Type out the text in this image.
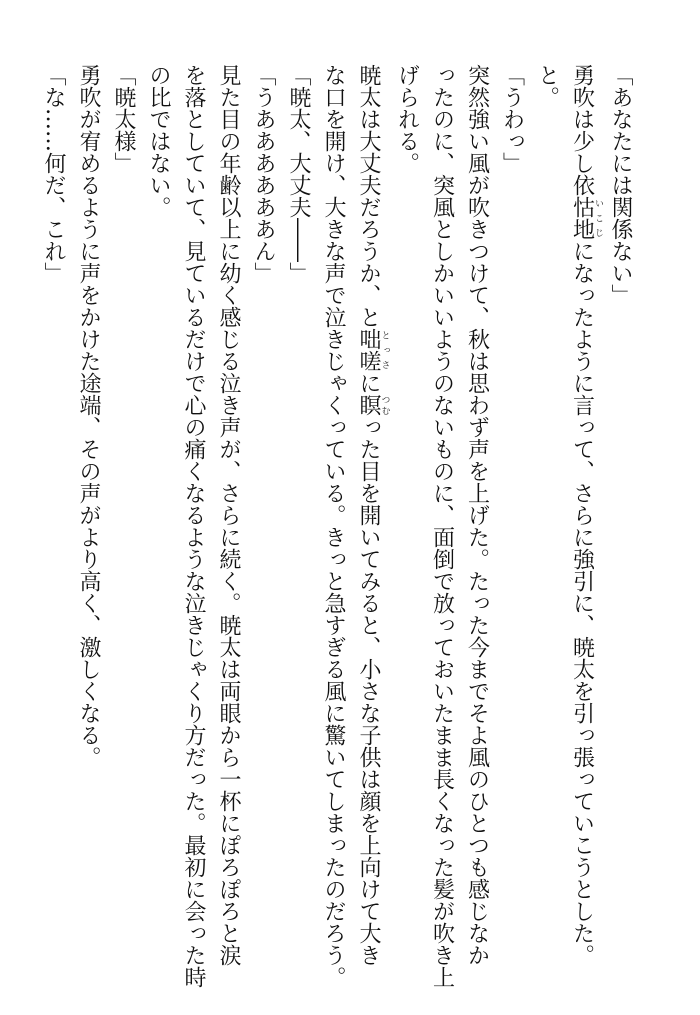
「あなたには関係ない」
勇吹は少し依怙地いこじになったように言って、さらに強引に、暁太を引っ張っていこうとした。
と。
「うわっ」
突然強い風が吹きつけて、秋は思わず声を上げた。たった今までそよ風のひとつも感じなか
ったのに、突風としかいいようのないものに、面倒で放っておいたまま長くなった髪が吹き上
げられる。
暁太は大丈夫だろうか、と咄嗟とっさに瞑つむった目を開いてみると、小さな子供は顔を上向けて大き
な口を開け、大きな声で泣きじゃくっている。きっと急すぎる風に驚いてしまったのだろう。
「暁太、大丈夫――」
「うああああああん」
見た目の年齢以上に幼く感じる泣き声が、さらに続く。暁太は両眼から一杯にぽろぽろと涙
を落としていて、見ているだけで心の痛くなるような泣きじゃくり方だった。最初に会った時
の比ではない。
「暁太様」
勇吹が宥めるように声をかけた途端、その声がより高く、激しくなる。
「な……何だ、これ」
